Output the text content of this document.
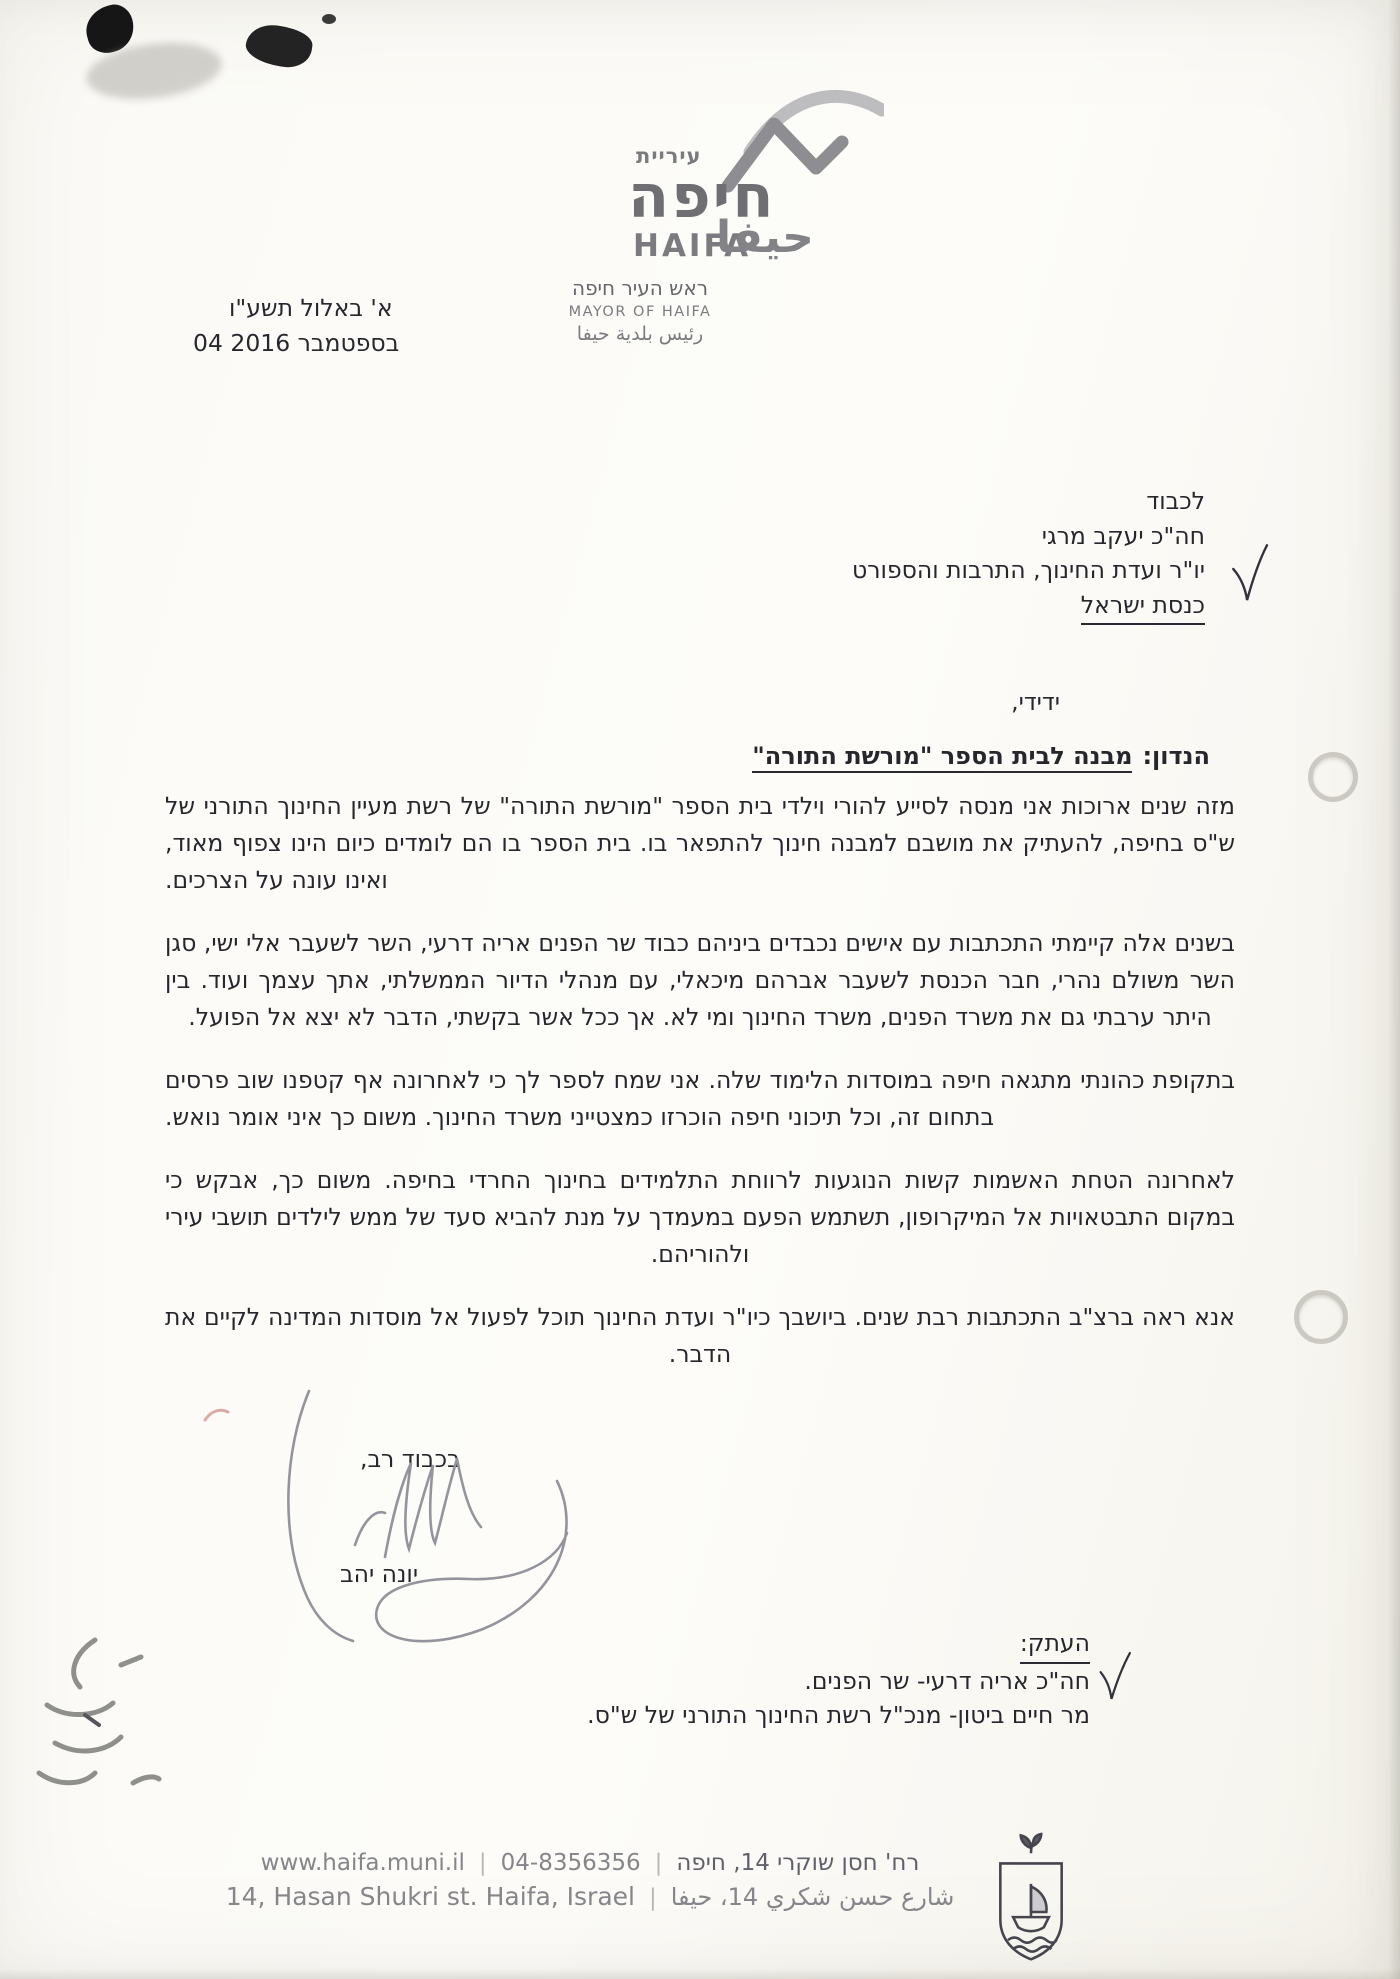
עיריית
חיפה
HAIFA
حيفا
ראש העיר חיפה
MAYOR OF HAIFA
رئيس بلدية حيفا
א' באלול תשע"ו
04 בספטמבר 2016
לכבוד
חה"כ יעקב מרגי
יו"ר ועדת החינוך, התרבות והספורט
כנסת ישראל
ידידי,
הנדון:
מבנה לבית הספר "מורשת התורה"

מזה שנים ארוכות אני מנסה לסייע להורי וילדי בית הספר "מורשת התורה" של רשת מעיין החינוך התורני של ש"ס בחיפה, להעתיק את מושבם למבנה חינוך להתפאר בו. בית הספר בו הם לומדים כיום הינו צפוף מאוד, ואינו עונה על הצרכים.

בשנים אלה קיימתי התכתבות עם אישים נכבדים ביניהם כבוד שר הפנים אריה דרעי, השר לשעבר אלי ישי, סגן השר משולם נהרי, חבר הכנסת לשעבר אברהם מיכאלי, עם מנהלי הדיור הממשלתי, אתך עצמך ועוד. בין היתר ערבתי גם את משרד הפנים, משרד החינוך ומי לא. אך ככל אשר בקשתי, הדבר לא יצא אל הפועל.

בתקופת כהונתי מתגאה חיפה במוסדות הלימוד שלה. אני שמח לספר לך כי לאחרונה אף קטפנו שוב פרסים בתחום זה, וכל תיכוני חיפה הוכרזו כמצטייני משרד החינוך. משום כך איני אומר נואש.

לאחרונה הטחת האשמות קשות הנוגעות לרווחת התלמידים בחינוך החרדי בחיפה. משום כך, אבקש כי במקום התבטאויות אל המיקרופון, תשתמש הפעם במעמדך על מנת להביא סעד של ממש לילדים תושבי עירי ולהוריהם.

אנא ראה ברצ"ב התכתבות רבת שנים. ביושבך כיו"ר ועדת החינוך תוכל לפעול אל מוסדות המדינה לקיים את הדבר.

בכבוד רב,
יונה יהב
העתק:
חה"כ אריה דרעי- שר הפנים.
מר חיים ביטון- מנכ"ל רשת החינוך התורני של ש"ס.
www.haifa.muni.il | 04-8356356 | רח' חסן שוקרי 14, חיפה
14, Hasan Shukri st. Haifa, Israel | شارع حسن شكري 14، حيفا
